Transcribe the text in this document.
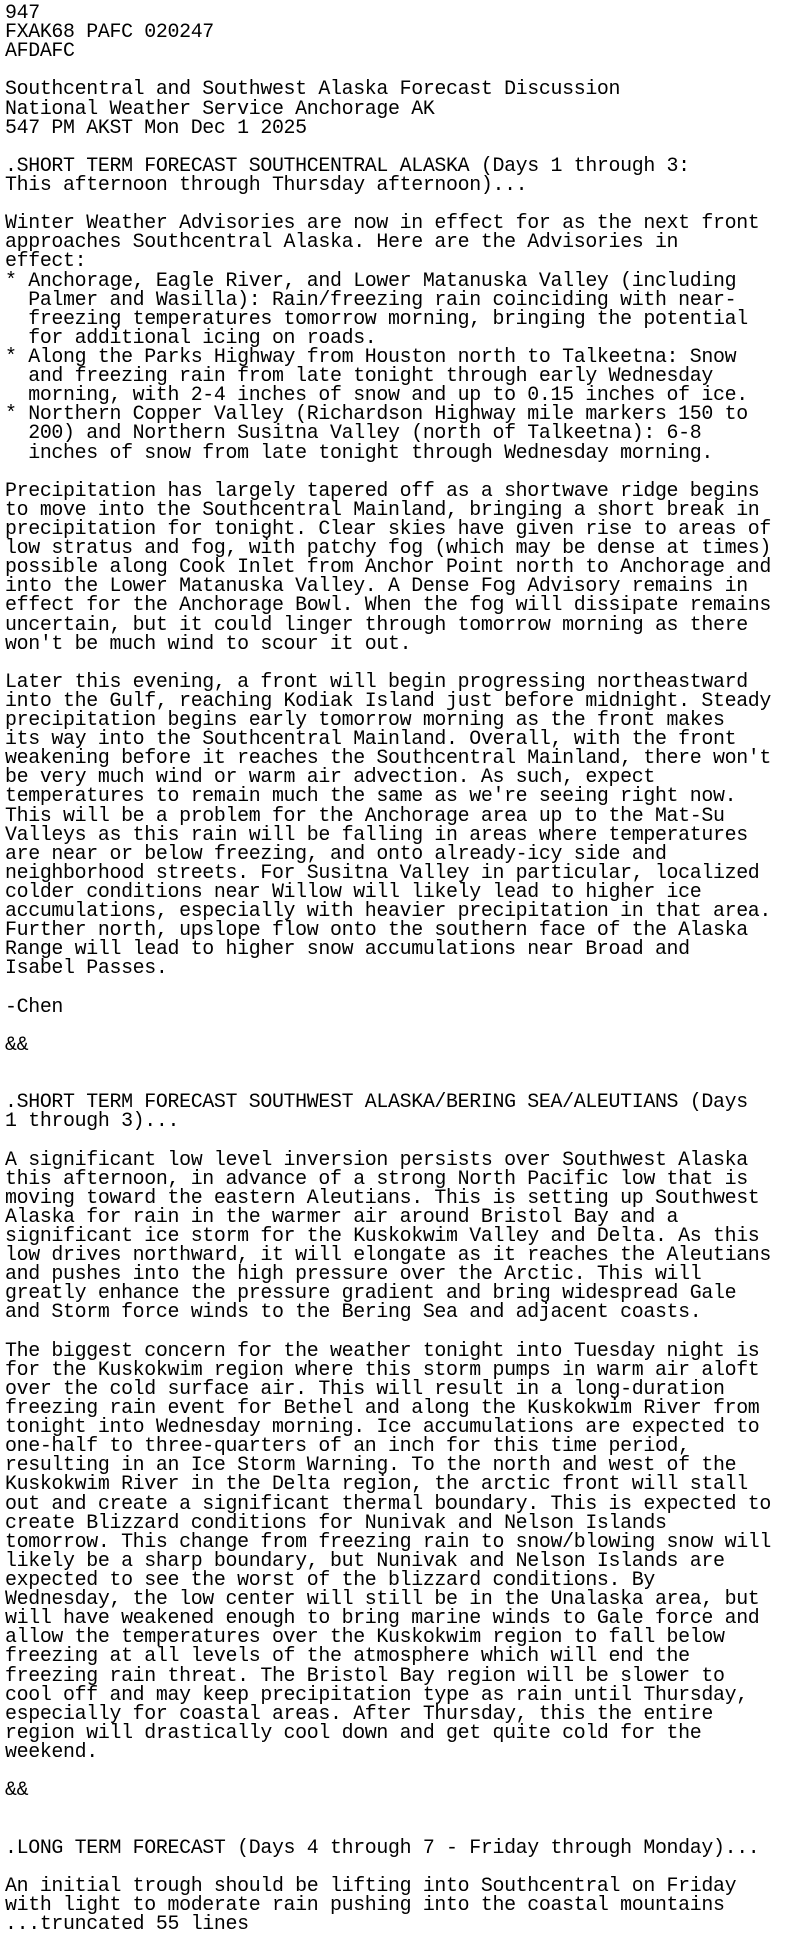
947
FXAK68 PAFC 020247
AFDAFC
Southcentral and Southwest Alaska Forecast Discussion
National Weather Service Anchorage AK
547 PM AKST Mon Dec 1 2025
.SHORT TERM FORECAST SOUTHCENTRAL ALASKA (Days 1 through 3:
This afternoon through Thursday afternoon)...
Winter Weather Advisories are now in effect for as the next front
approaches Southcentral Alaska. Here are the Advisories in
effect:
* Anchorage, Eagle River, and Lower Matanuska Valley (including
Palmer and Wasilla): Rain/freezing rain coinciding with near-
freezing temperatures tomorrow morning, bringing the potential
for additional icing on roads.
* Along the Parks Highway from Houston north to Talkeetna: Snow
and freezing rain from late tonight through early Wednesday
morning, with 2-4 inches of snow and up to 0.15 inches of ice.
* Northern Copper Valley (Richardson Highway mile markers 150 to
200) and Northern Susitna Valley (north of Talkeetna): 6-8
inches of snow from late tonight through Wednesday morning.
Precipitation has largely tapered off as a shortwave ridge begins
to move into the Southcentral Mainland, bringing a short break in
precipitation for tonight. Clear skies have given rise to areas of
low stratus and fog, with patchy fog (which may be dense at times)
possible along Cook Inlet from Anchor Point north to Anchorage and
into the Lower Matanuska Valley. A Dense Fog Advisory remains in
effect for the Anchorage Bowl. When the fog will dissipate remains
uncertain, but it could linger through tomorrow morning as there
won't be much wind to scour it out.
Later this evening, a front will begin progressing northeastward
into the Gulf, reaching Kodiak Island just before midnight. Steady
precipitation begins early tomorrow morning as the front makes
its way into the Southcentral Mainland. Overall, with the front
weakening before it reaches the Southcentral Mainland, there won't
be very much wind or warm air advection. As such, expect
temperatures to remain much the same as we're seeing right now.
This will be a problem for the Anchorage area up to the Mat-Su
Valleys as this rain will be falling in areas where temperatures
are near or below freezing, and onto already-icy side and
neighborhood streets. For Susitna Valley in particular, localized
colder conditions near Willow will likely lead to higher ice
accumulations, especially with heavier precipitation in that area.
Further north, upslope flow onto the southern face of the Alaska
Range will lead to higher snow accumulations near Broad and
Isabel Passes.
-Chen
&&
.SHORT TERM FORECAST SOUTHWEST ALASKA/BERING SEA/ALEUTIANS (Days
1 through 3)...
A significant low level inversion persists over Southwest Alaska
this afternoon, in advance of a strong North Pacific low that is
moving toward the eastern Aleutians. This is setting up Southwest
Alaska for rain in the warmer air around Bristol Bay and a
significant ice storm for the Kuskokwim Valley and Delta. As this
low drives northward, it will elongate as it reaches the Aleutians
and pushes into the high pressure over the Arctic. This will
greatly enhance the pressure gradient and bring widespread Gale
and Storm force winds to the Bering Sea and adjacent coasts.
The biggest concern for the weather tonight into Tuesday night is
for the Kuskokwim region where this storm pumps in warm air aloft
over the cold surface air. This will result in a long-duration
freezing rain event for Bethel and along the Kuskokwim River from
tonight into Wednesday morning. Ice accumulations are expected to
one-half to three-quarters of an inch for this time period,
resulting in an Ice Storm Warning. To the north and west of the
Kuskokwim River in the Delta region, the arctic front will stall
out and create a significant thermal boundary. This is expected to
create Blizzard conditions for Nunivak and Nelson Islands
tomorrow. This change from freezing rain to snow/blowing snow will
likely be a sharp boundary, but Nunivak and Nelson Islands are
expected to see the worst of the blizzard conditions. By
Wednesday, the low center will still be in the Unalaska area, but
will have weakened enough to bring marine winds to Gale force and
allow the temperatures over the Kuskokwim region to fall below
freezing at all levels of the atmosphere which will end the
freezing rain threat. The Bristol Bay region will be slower to
cool off and may keep precipitation type as rain until Thursday,
especially for coastal areas. After Thursday, this the entire
region will drastically cool down and get quite cold for the
weekend.
&&
.LONG TERM FORECAST (Days 4 through 7 - Friday through Monday)...
An initial trough should be lifting into Southcentral on Friday
with light to moderate rain pushing into the coastal mountains
...truncated 55 lines
